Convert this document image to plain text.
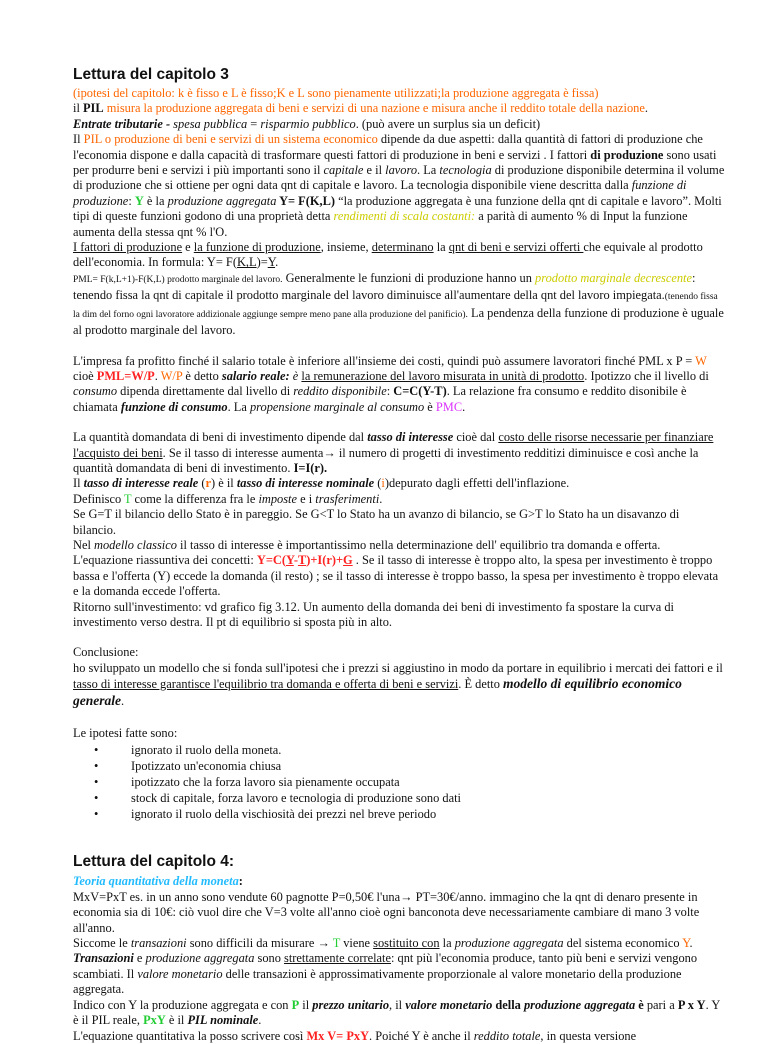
Lettura del capitolo 3

(ipotesi del capitolo: k è fisso e L è fisso;K e L sono pienamente utilizzati;la produzione aggregata è fissa)
il PIL misura la produzione aggregata di beni e servizi di una nazione e misura anche il reddito totale della nazione.
Entrate tributarie - spesa pubblica = risparmio pubblico. (può avere un surplus sia un deficit)
Il PIL o produzione di beni e servizi di un sistema economico dipende da due aspetti: dalla quantità di fattori di produzione che l'economia dispone e dalla capacità di trasformare questi fattori di produzione in beni e servizi . I fattori di produzione sono usati per produrre beni e servizi i più importanti sono il capitale e il lavoro. La tecnologia di produzione disponibile determina il volume di produzione che si ottiene per ogni data qnt di capitale e lavoro. La tecnologia disponibile viene descritta dalla funzione di produzione: Y è la produzione aggregata Y= F(K,L) “la produzione aggregata è una funzione della qnt di capitale e lavoro”. Molti tipi di queste funzioni godono di una proprietà detta rendimenti di scala costanti: a parità di aumento % di Input la funzione aumenta della stessa qnt % l'O.
I fattori di produzione e la funzione di produzione, insieme, determinano la qnt di beni e servizi offerti che equivale al prodotto dell'economia. In formula: Y= F(K,L)=Y.
PML= F(k,L+1)-F(K,L) prodotto marginale del lavoro. Generalmente le funzioni di produzione hanno un prodotto marginale decrescente: tenendo fissa la qnt di capitale il prodotto marginale del lavoro diminuisce all'aumentare della qnt del lavoro impiegata.(tenendo fissa la dim del forno ogni lavoratore addizionale aggiunge sempre meno pane alla produzione del panificio). La pendenza della funzione di produzione è uguale al prodotto marginale del lavoro.

L'impresa fa profitto finché il salario totale è inferiore all'insieme dei costi, quindi può assumere lavoratori finché PML x P = W cioè PML=W/P. W/P è detto salario reale: è la remunerazione del lavoro misurata in unità di prodotto. Ipotizzo che il livello di consumo dipenda direttamente dal livello di reddito disponibile: C=C(Y-T). La relazione fra consumo e reddito disonibile è chiamata funzione di consumo. La propensione marginale al consumo è PMC.

La quantità domandata di beni di investimento dipende dal tasso di interesse cioè dal costo delle risorse necessarie per finanziare l'acquisto dei beni. Se il tasso di interesse aumenta→ il numero di progetti di investimento redditizi diminuisce e così anche la quantità domandata di beni di investimento. I=I(r).
Il tasso di interesse reale (r) è il tasso di interesse nominale (i)depurato dagli effetti dell'inflazione.
Definisco T come la differenza fra le imposte e i trasferimenti.
Se G=T il bilancio dello Stato è in pareggio. Se G<T lo Stato ha un avanzo di bilancio, se G>T lo Stato ha un disavanzo di bilancio.
Nel modello classico il tasso di interesse è importantissimo nella determinazione dell' equilibrio tra domanda e offerta.
L'equazione riassuntiva dei concetti: Y=C(Y-T)+I(r)+G . Se il tasso di interesse è troppo alto, la spesa per investimento è troppo bassa e l'offerta (Y) eccede la domanda (il resto) ; se il tasso di interesse è troppo basso, la spesa per investimento è troppo elevata e la domanda eccede l'offerta.
Ritorno sull'investimento: vd grafico fig 3.12. Un aumento della domanda dei beni di investimento fa spostare la curva di investimento verso destra. Il pt di equilibrio si sposta più in alto.

Conclusione:
ho sviluppato un modello che si fonda sull'ipotesi che i prezzi si aggiustino in modo da portare in equilibrio i mercati dei fattori e il tasso di interesse garantisce l'equilibrio tra domanda e offerta di beni e servizi. È detto modello di equilibrio economico generale.

Le ipotesi fatte sono:

•	ignorato il ruolo della moneta.
•	Ipotizzato un'economia chiusa
•	ipotizzato che la forza lavoro sia pienamente occupata
•	stock di capitale, forza lavoro e tecnologia di produzione sono dati
•	ignorato il ruolo della vischiosità dei prezzi nel breve periodo
Lettura del capitolo 4:

Teoria quantitativa della moneta:
MxV=PxT es. in un anno sono vendute 60 pagnotte P=0,50€ l'una→ PT=30€/anno. immagino che la qnt di denaro presente in economia sia di 10€: ciò vuol dire che V=3 volte all'anno cioè ogni banconota deve necessariamente cambiare di mano 3 volte all'anno.
Siccome le transazioni sono difficili da misurare → T viene sostituito con la produzione aggregata del sistema economico Y. Transazioni e produzione aggregata sono strettamente correlate: qnt più l'economia produce, tanto più beni e servizi vengono scambiati. Il valore monetario delle transazioni è approssimativamente proporzionale al valore monetario della produzione aggregata.
Indico con Y la produzione aggregata e con P il prezzo unitario, il valore monetario della produzione aggregata è pari a P x Y. Y è il PIL reale, PxY è il PIL nominale.
L'equazione quantitativa la posso scrivere così Mx V= PxY. Poiché Y è anche il reddito totale, in questa versione
